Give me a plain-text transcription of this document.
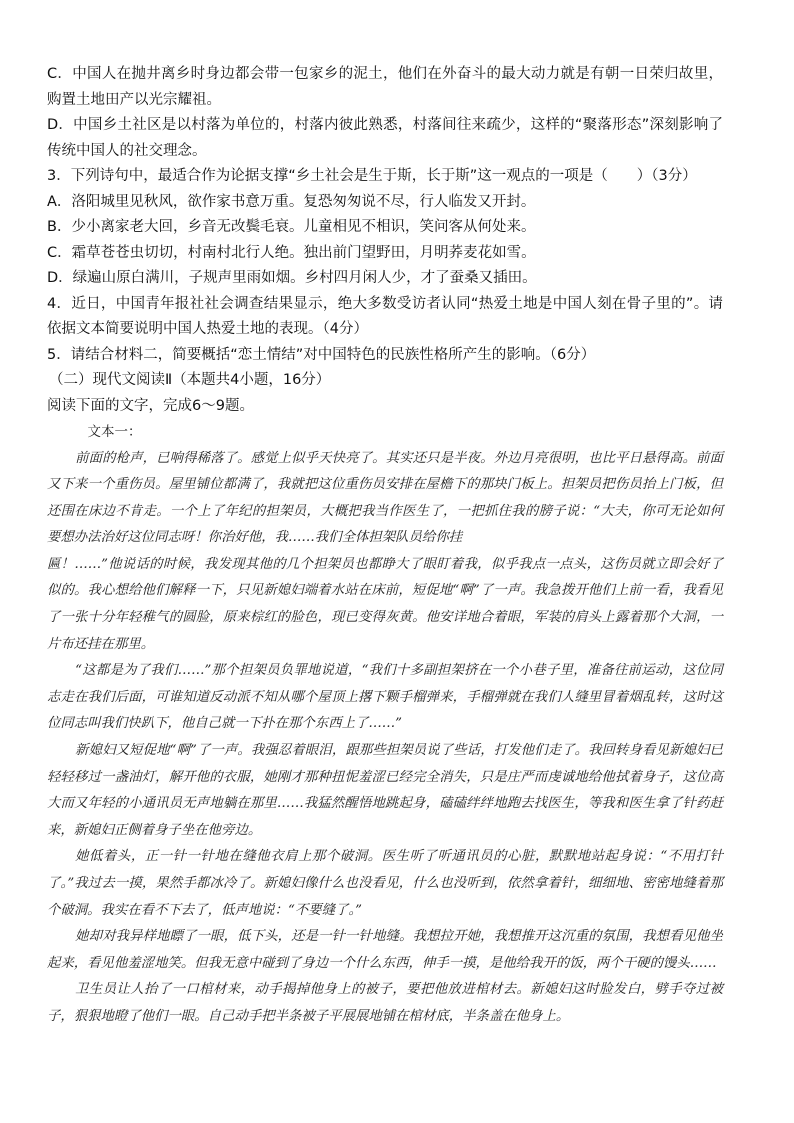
C．中国人在抛井离乡时身边都会带一包家乡的泥土，他们在外奋斗的最大动力就是有朝一日荣归故里，购置土地田产以光宗耀祖。

D．中国乡土社区是以村落为单位的，村落内彼此熟悉，村落间往来疏少，这样的“聚落形态”深刻影响了传统中国人的社交理念。

3．下列诗句中，最适合作为论据支撑“乡土社会是生于斯，长于斯”这一观点的一项是（　　）（3分）

A．洛阳城里见秋风，欲作家书意万重。复恐匆匆说不尽，行人临发又开封。

B．少小离家老大回，乡音无改鬓毛衰。儿童相见不相识，笑问客从何处来。

C．霜草苍苍虫切切，村南村北行人绝。独出前门望野田，月明荞麦花如雪。

D．绿遍山原白满川，子规声里雨如烟。乡村四月闲人少，才了蚕桑又插田。

4．近日，中国青年报社社会调查结果显示，绝大多数受访者认同“热爱土地是中国人刻在骨子里的”。请依据文本简要说明中国人热爱土地的表现。（4分）

5．请结合材料二，简要概括“恋土情结”对中国特色的民族性格所产生的影响。（6分）

（二）现代文阅读Ⅱ（本题共4小题，16分）

阅读下面的文字，完成6～9题。

文本一：

前面的枪声，已响得稀落了。感觉上似乎天快亮了。其实还只是半夜。外边月亮很明，也比平日悬得高。前面又下来一个重伤员。屋里铺位都满了，我就把这位重伤员安排在屋檐下的那块门板上。担架员把伤员抬上门板，但还围在床边不肯走。一个上了年纪的担架员，大概把我当作医生了，一把抓住我的膀子说：“大夫，你可无论如何要想办法治好这位同志呀！你治好他，我……我们全体担架队员给你挂

匾！……”他说话的时候，我发现其他的几个担架员也都睁大了眼盯着我，似乎我点一点头，这伤员就立即会好了似的。我心想给他们解释一下，只见新媳妇端着水站在床前，短促地“啊”了一声。我急拨开他们上前一看，我看见了一张十分年轻稚气的圆脸，原来棕红的脸色，现已变得灰黄。他安详地合着眼，军装的肩头上露着那个大洞，一片布还挂在那里。

“这都是为了我们……”那个担架员负罪地说道，“我们十多副担架挤在一个小巷子里，准备往前运动，这位同志走在我们后面，可谁知道反动派不知从哪个屋顶上撂下颗手榴弹来，手榴弹就在我们人缝里冒着烟乱转，这时这位同志叫我们快趴下，他自己就一下扑在那个东西上了……”

新媳妇又短促地“啊”了一声。我强忍着眼泪，跟那些担架员说了些话，打发他们走了。我回转身看见新媳妇已轻轻移过一盏油灯，解开他的衣服，她刚才那种扭怩羞涩已经完全消失，只是庄严而虔诚地给他拭着身子，这位高大而又年轻的小通讯员无声地躺在那里……我猛然醒悟地跳起身，磕磕绊绊地跑去找医生，等我和医生拿了针药赶来，新媳妇正侧着身子坐在他旁边。

她低着头，正一针一针地在缝他衣肩上那个破洞。医生听了听通讯员的心脏，默默地站起身说：“不用打针了。”我过去一摸，果然手都冰冷了。新媳妇像什么也没看见，什么也没听到，依然拿着针，细细地、密密地缝着那个破洞。我实在看不下去了，低声地说：“不要缝了。”

她却对我异样地瞟了一眼，低下头，还是一针一针地缝。我想拉开她，我想推开这沉重的氛围，我想看见他坐起来，看见他羞涩地笑。但我无意中碰到了身边一个什么东西，伸手一摸，是他给我开的饭，两个干硬的馒头……

卫生员让人抬了一口棺材来，动手揭掉他身上的被子，要把他放进棺材去。新媳妇这时脸发白，劈手夺过被子，狠狠地瞪了他们一眼。自己动手把半条被子平展展地铺在棺材底，半条盖在他身上。
